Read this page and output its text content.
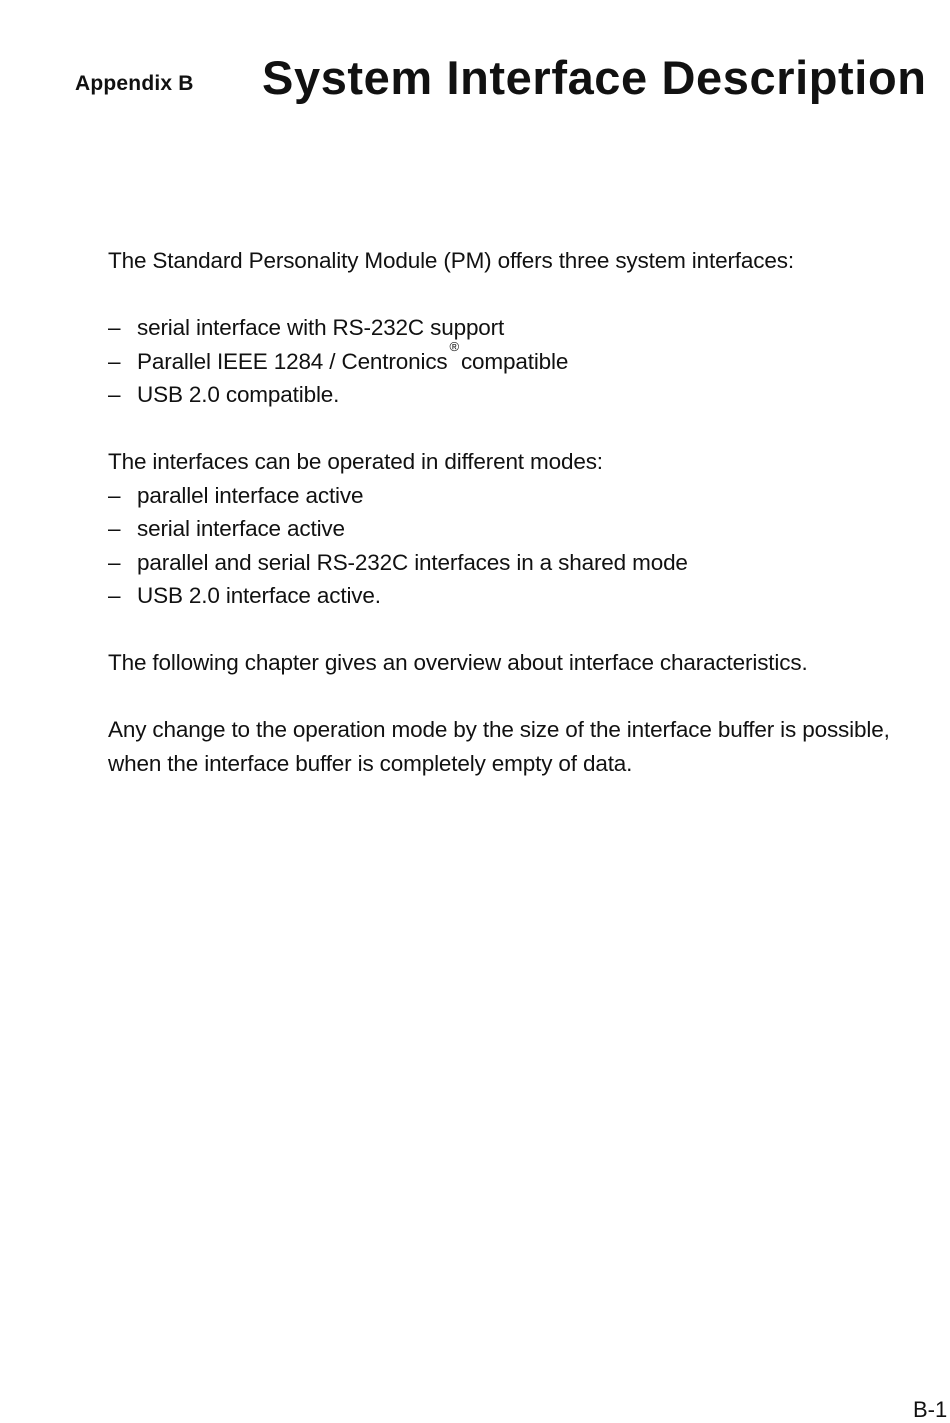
Appendix B System Interface Description

The Standard Personality Module (PM) offers three system interfaces:

– serial interface with RS-232C support
– Parallel IEEE 1284 / Centronics®compatible
– USB 2.0 compatible.

The interfaces can be operated in different modes:

– parallel interface active
– serial interface active
– parallel and serial RS-232C interfaces in a shared mode
– USB 2.0 interface active.

The following chapter gives an overview about interface characteristics.

Any change to the operation mode by the size of the interface buffer is possible,

when the interface buffer is completely empty of data.

B-1
